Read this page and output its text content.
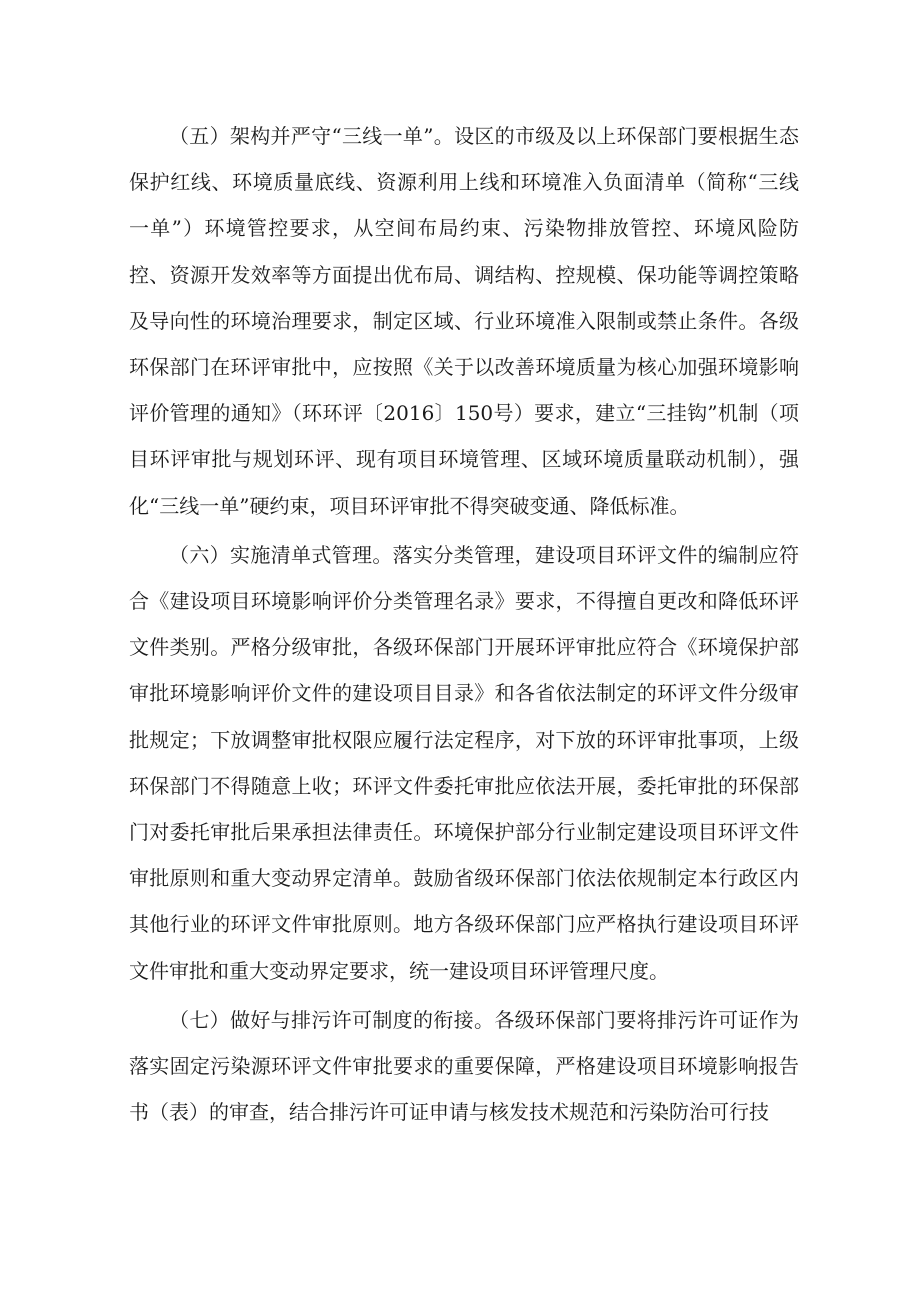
（五）架构并严守“三线一单”。设区的市级及以上环保部门要根据生态保护红线、环境质量底线、资源利用上线和环境准入负面清单（简称“三线一单”）环境管控要求，从空间布局约束、污染物排放管控、环境风险防控、资源开发效率等方面提出优布局、调结构、控规模、保功能等调控策略及导向性的环境治理要求，制定区域、行业环境准入限制或禁止条件。各级环保部门在环评审批中，应按照《关于以改善环境质量为核心加强环境影响评价管理的通知》（环环评〔2016〕150号）要求，建立“三挂钩”机制（项目环评审批与规划环评、现有项目环境管理、区域环境质量联动机制），强化“三线一单”硬约束，项目环评审批不得突破变通、降低标准。

（六）实施清单式管理。落实分类管理，建设项目环评文件的编制应符合《建设项目环境影响评价分类管理名录》要求，不得擅自更改和降低环评文件类别。严格分级审批，各级环保部门开展环评审批应符合《环境保护部审批环境影响评价文件的建设项目目录》和各省依法制定的环评文件分级审批规定；下放调整审批权限应履行法定程序，对下放的环评审批事项，上级环保部门不得随意上收；环评文件委托审批应依法开展，委托审批的环保部门对委托审批后果承担法律责任。环境保护部分行业制定建设项目环评文件审批原则和重大变动界定清单。鼓励省级环保部门依法依规制定本行政区内其他行业的环评文件审批原则。地方各级环保部门应严格执行建设项目环评文件审批和重大变动界定要求，统一建设项目环评管理尺度。

（七）做好与排污许可制度的衔接。各级环保部门要将排污许可证作为落实固定污染源环评文件审批要求的重要保障，严格建设项目环境影响报告书（表）的审查，结合排污许可证申请与核发技术规范和污染防治可行技
